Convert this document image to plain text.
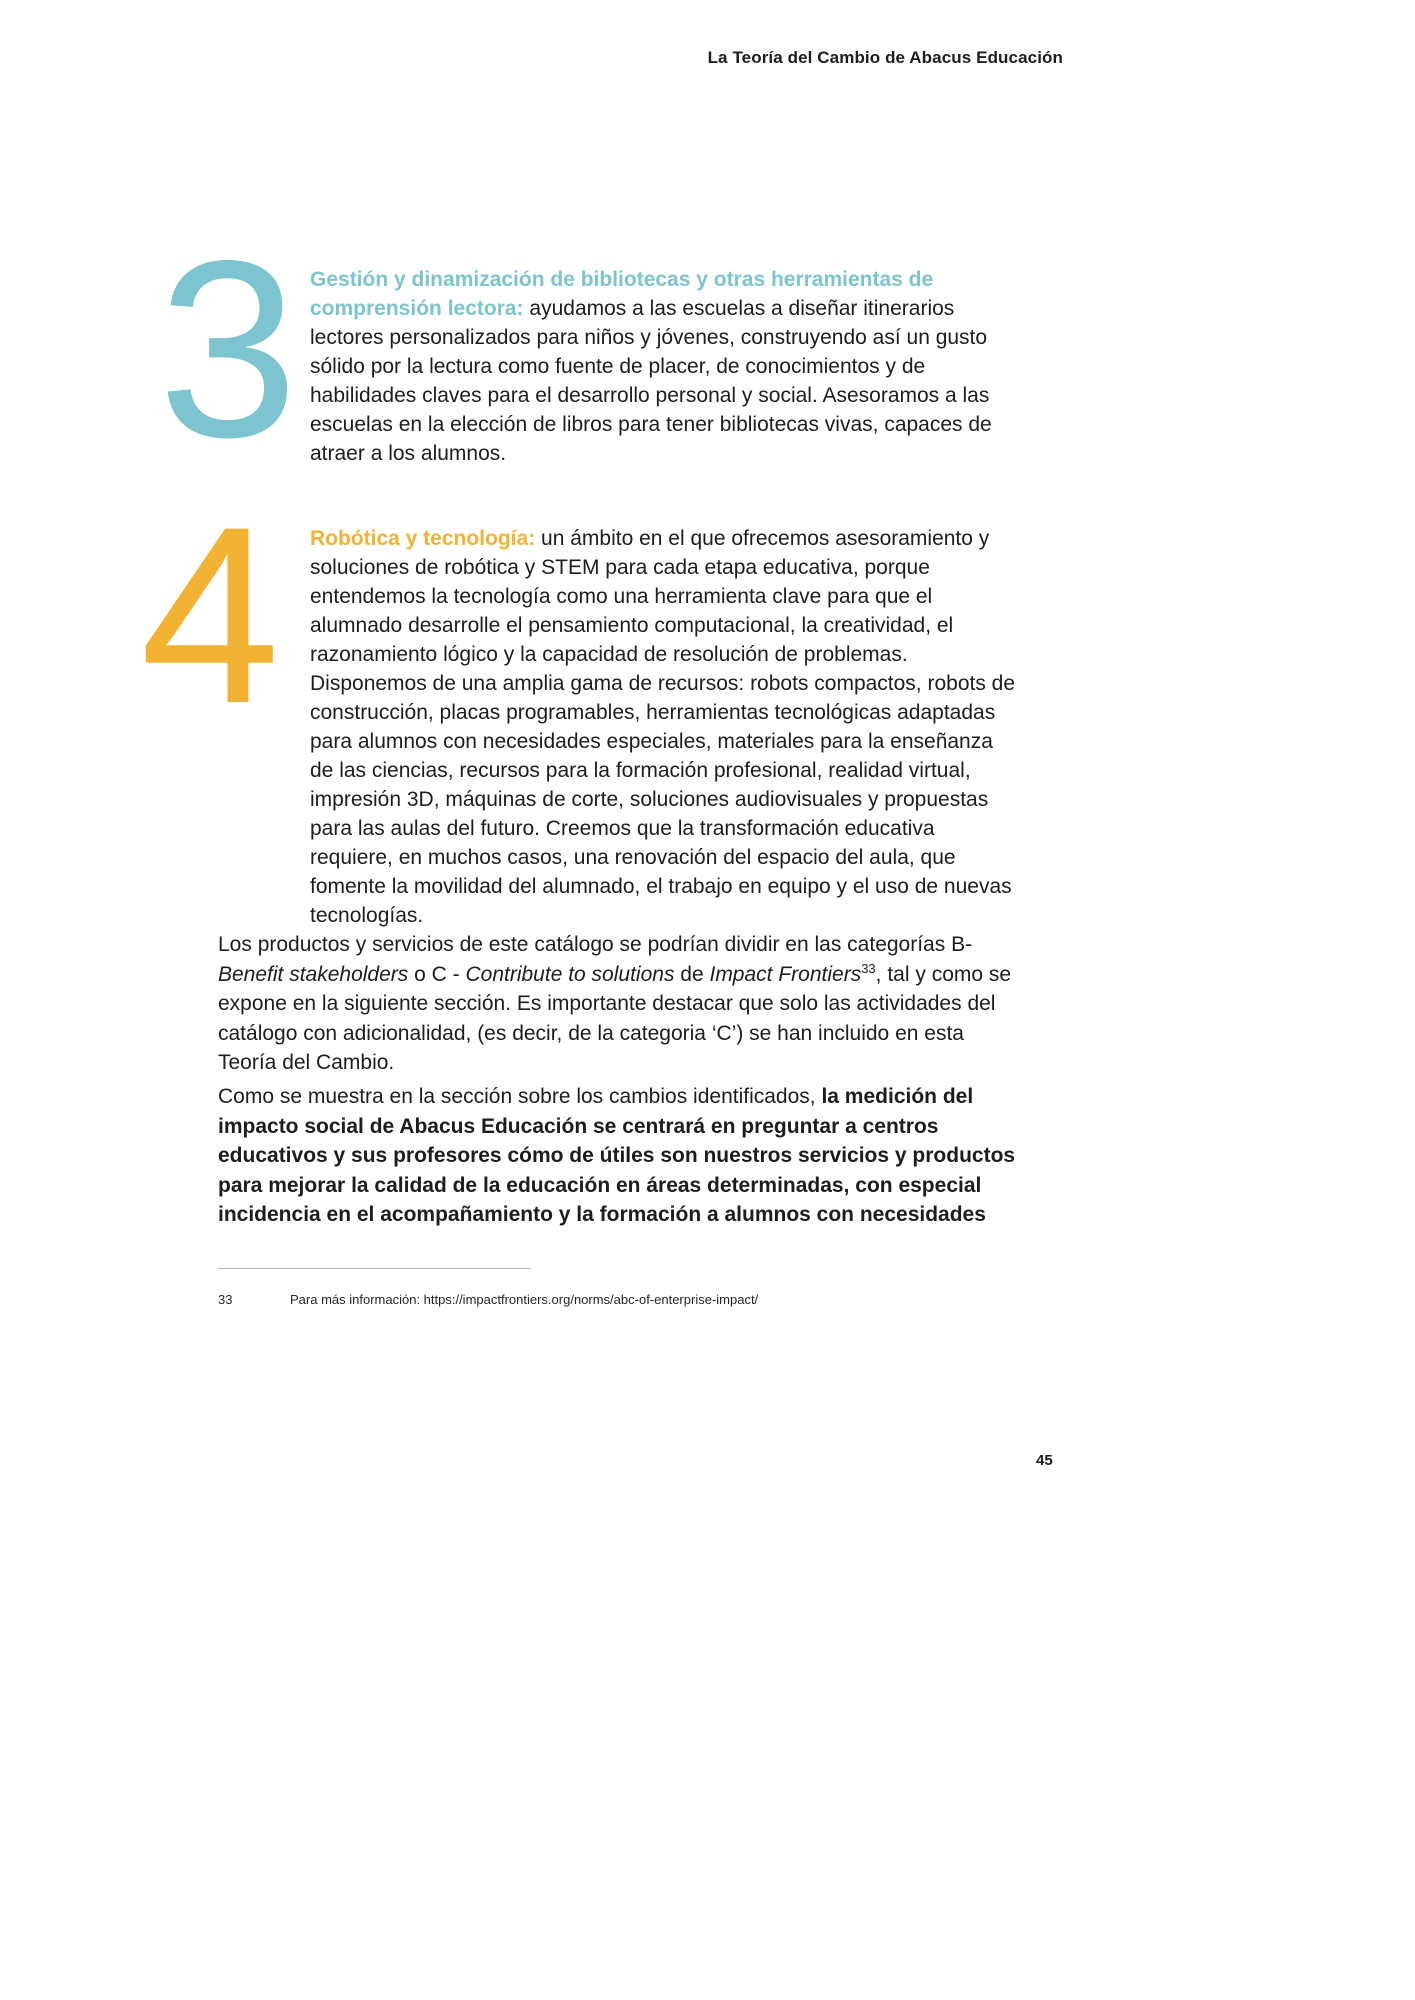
La Teoría del Cambio de Abacus Educación
3 Gestión y dinamización de bibliotecas y otras herramientas de comprensión lectora: ayudamos a las escuelas a diseñar itinerarios lectores personalizados para niños y jóvenes, construyendo así un gusto sólido por la lectura como fuente de placer, de conocimientos y de habilidades claves para el desarrollo personal y social. Asesoramos a las escuelas en la elección de libros para tener bibliotecas vivas, capaces de atraer a los alumnos.
4 Robótica y tecnología: un ámbito en el que ofrecemos asesoramiento y soluciones de robótica y STEM para cada etapa educativa, porque entendemos la tecnología como una herramienta clave para que el alumnado desarrolle el pensamiento computacional, la creatividad, el razonamiento lógico y la capacidad de resolución de problemas. Disponemos de una amplia gama de recursos: robots compactos, robots de construcción, placas programables, herramientas tecnológicas adaptadas para alumnos con necesidades especiales, materiales para la enseñanza de las ciencias, recursos para la formación profesional, realidad virtual, impresión 3D, máquinas de corte, soluciones audiovisuales y propuestas para las aulas del futuro. Creemos que la transformación educativa requiere, en muchos casos, una renovación del espacio del aula, que fomente la movilidad del alumnado, el trabajo en equipo y el uso de nuevas tecnologías.

Los productos y servicios de este catálogo se podrían dividir en las categorías B- Benefit stakeholders o C - Contribute to solutions de Impact Frontiers$^{33}$, tal y como se expone en la siguiente sección. Es importante destacar que solo las actividades del catálogo con adicionalidad, (es decir, de la categoria ‘C’) se han incluido en esta Teoría del Cambio.

Como se muestra en la sección sobre los cambios identificados, la medición del impacto social de Abacus Educación se centrará en preguntar a centros educativos y sus profesores cómo de útiles son nuestros servicios y productos para mejorar la calidad de la educación en áreas determinadas, con especial incidencia en el acompañamiento y la formación a alumnos con necesidades

33	Para más información: https://impactfrontiers.org/norms/abc-of-enterprise-impact/
45
